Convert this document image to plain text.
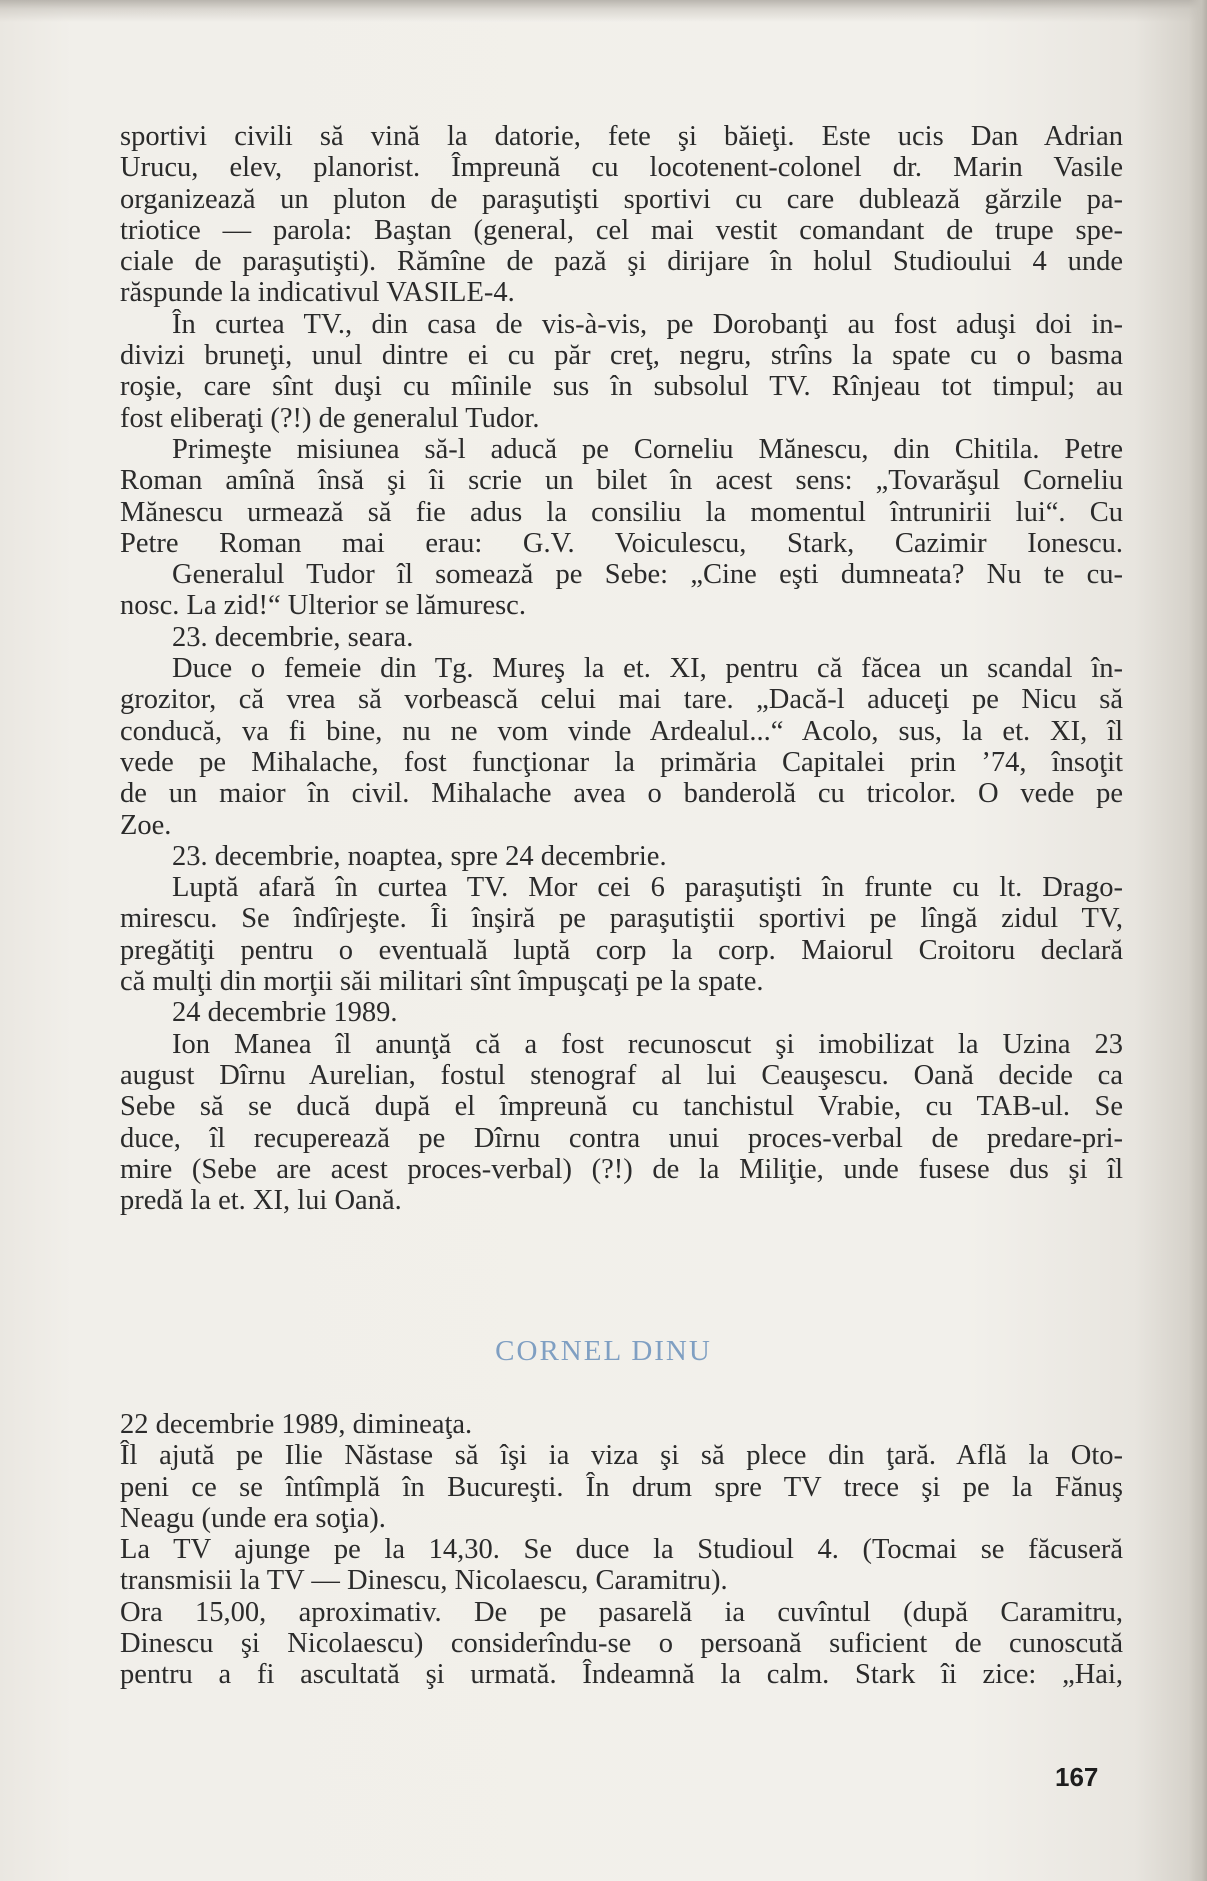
sportivi civili să vină la datorie, fete şi băieţi. Este ucis Dan Adrian
Urucu, elev, planorist. Împreună cu locotenent-colonel dr. Marin Vasile
organizează un pluton de paraşutişti sportivi cu care dublează gărzile pa-
triotice — parola: Baştan (general, cel mai vestit comandant de trupe spe-
ciale de paraşutişti). Rămîne de pază şi dirijare în holul Studioului 4 unde
răspunde la indicativul VASILE-4.
În curtea TV., din casa de vis-à-vis, pe Dorobanţi au fost aduşi doi in-
divizi bruneţi, unul dintre ei cu păr creţ, negru, strîns la spate cu o basma
roşie, care sînt duşi cu mîinile sus în subsolul TV. Rînjeau tot timpul; au
fost eliberaţi (?!) de generalul Tudor.
Primeşte misiunea să-l aducă pe Corneliu Mănescu, din Chitila. Petre
Roman amînă însă şi îi scrie un bilet în acest sens: „Tovarăşul Corneliu
Mănescu urmează să fie adus la consiliu la momentul întrunirii lui“. Cu
Petre Roman mai erau: G.V. Voiculescu, Stark, Cazimir Ionescu.
Generalul Tudor îl somează pe Sebe: „Cine eşti dumneata? Nu te cu-
nosc. La zid!“ Ulterior se lămuresc.
23. decembrie, seara.
Duce o femeie din Tg. Mureş la et. XI, pentru că făcea un scandal în-
grozitor, că vrea să vorbească celui mai tare. „Dacă-l aduceţi pe Nicu să
conducă, va fi bine, nu ne vom vinde Ardealul...“ Acolo, sus, la et. XI, îl
vede pe Mihalache, fost funcţionar la primăria Capitalei prin ’74, însoţit
de un maior în civil. Mihalache avea o banderolă cu tricolor. O vede pe
Zoe.
23. decembrie, noaptea, spre 24 decembrie.
Luptă afară în curtea TV. Mor cei 6 paraşutişti în frunte cu lt. Drago-
mirescu. Se îndîrjeşte. Îi înşiră pe paraşutiştii sportivi pe lîngă zidul TV,
pregătiţi pentru o eventuală luptă corp la corp. Maiorul Croitoru declară
că mulţi din morţii săi militari sînt împuşcaţi pe la spate.
24 decembrie 1989.
Ion Manea îl anunţă că a fost recunoscut şi imobilizat la Uzina 23
august Dîrnu Aurelian, fostul stenograf al lui Ceauşescu. Oană decide ca
Sebe să se ducă după el împreună cu tanchistul Vrabie, cu TAB-ul. Se
duce, îl recuperează pe Dîrnu contra unui proces-verbal de predare-pri-
mire (Sebe are acest proces-verbal) (?!) de la Miliţie, unde fusese dus şi îl
predă la et. XI, lui Oană.
CORNEL DINU
22 decembrie 1989, dimineaţa.
Îl ajută pe Ilie Năstase să îşi ia viza şi să plece din ţară. Află la Oto-
peni ce se întîmplă în Bucureşti. În drum spre TV trece şi pe la Fănuş
Neagu (unde era soţia).
La TV ajunge pe la 14,30. Se duce la Studioul 4. (Tocmai se făcuseră
transmisii la TV — Dinescu, Nicolaescu, Caramitru).
Ora 15,00, aproximativ. De pe pasarelă ia cuvîntul (după Caramitru,
Dinescu şi Nicolaescu) considerîndu-se o persoană suficient de cunoscută
pentru a fi ascultată şi urmată. Îndeamnă la calm. Stark îi zice: „Hai,
167
